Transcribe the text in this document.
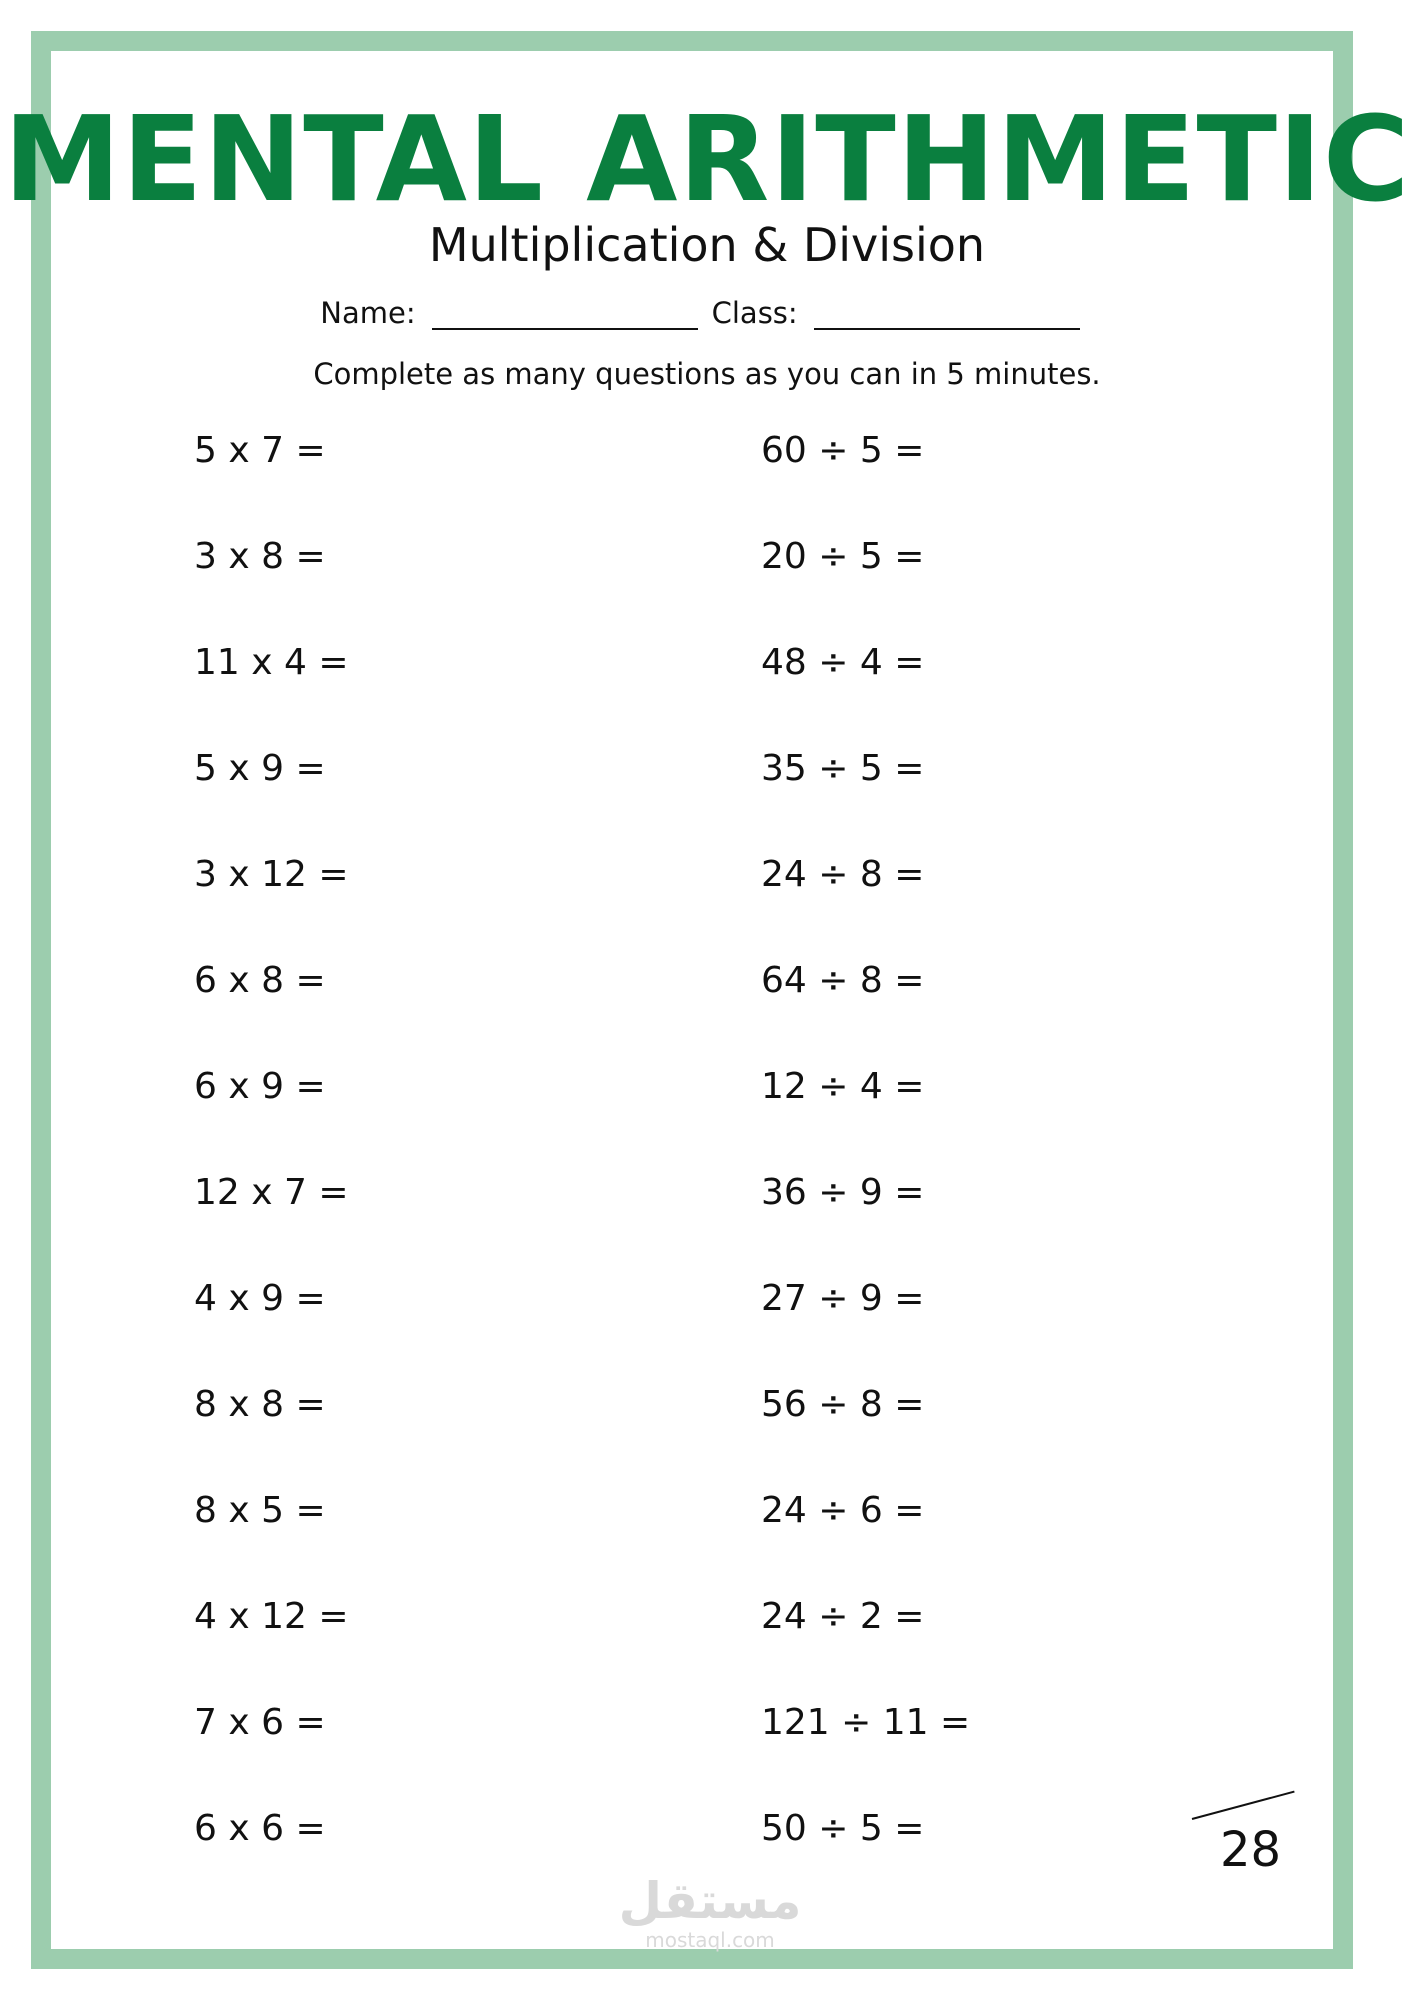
MENTAL ARITHMETIC
Multiplication & Division
Name:	Class:
Complete as many questions as you can in 5 minutes.
5 x 7 =
3 x 8 =
11 x 4 =
5 x 9 =
3 x 12 =
6 x 8 =
6 x 9 =
12 x 7 =
4 x 9 =
8 x 8 =
8 x 5 =
4 x 12 =
7 x 6 =
6 x 6 =
60 ÷ 5 =
20 ÷ 5 =
48 ÷ 4 =
35 ÷ 5 =
24 ÷ 8 =
64 ÷ 8 =
12 ÷ 4 =
36 ÷ 9 =
27 ÷ 9 =
56 ÷ 8 =
24 ÷ 6 =
24 ÷ 2 =
121 ÷ 11 =
50 ÷ 5 =	28
مستقل
mostaql.com
